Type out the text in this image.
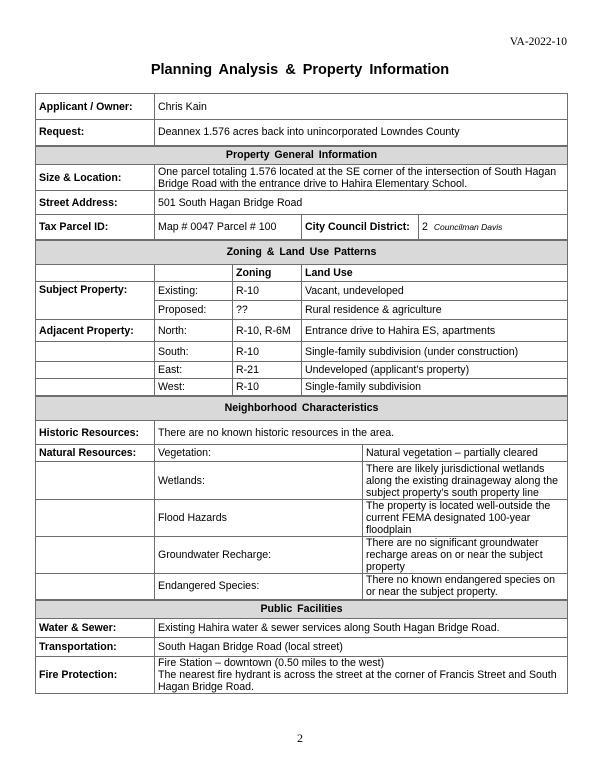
VA-2022-10
Planning Analysis & Property Information
Applicant / Owner:	Chris Kain				
Request:	Deannex 1.576 acres back into unincorporated Lowndes County				
Property General Information					
Size & Location:	One parcel totaling 1.576 located at the SE corner of the intersection of South Hagan Bridge Road with the entrance drive to Hahira Elementary School.				
Street Address:	501 South Hagan Bridge Road				
Tax Parcel ID:	Map # 0047 Parcel # 100		City Council District:		2 Councilman Davis
Zoning & Land Use Patterns					
		Zoning	Land Use		
Subject Property:	Existing:	R-10	Vacant, undeveloped		
	Proposed:	??	Rural residence & agriculture		
Adjacent Property:	North:	R-10, R-6M	Entrance drive to Hahira ES, apartments		
	South:	R-10	Single-family subdivision (under construction)		
	East:	R-21	Undeveloped (applicant’s property)		
	West:	R-10	Single-family subdivision		
Neighborhood Characteristics					
Historic Resources:	There are no known historic resources in the area.				
Natural Resources:	Vegetation:			Natural vegetation – partially cleared	
	Wetlands:			There are likely jurisdictional wetlands along the existing drainageway along the subject property’s south property line	
	Flood Hazards			The property is located well-outside the current FEMA designated 100-year floodplain	
	Groundwater Recharge:			There are no significant groundwater recharge areas on or near the subject property	
	Endangered Species:			There no known endangered species on or near the subject property.	
Public Facilities					
Water & Sewer:	Existing Hahira water & sewer services along South Hagan Bridge Road.				
Transportation:	South Hagan Bridge Road (local street)				
Fire Protection:	Fire Station – downtown (0.50 miles to the west)
The nearest fire hydrant is across the street at the corner of Francis Street and South Hagan Bridge Road.				
2
